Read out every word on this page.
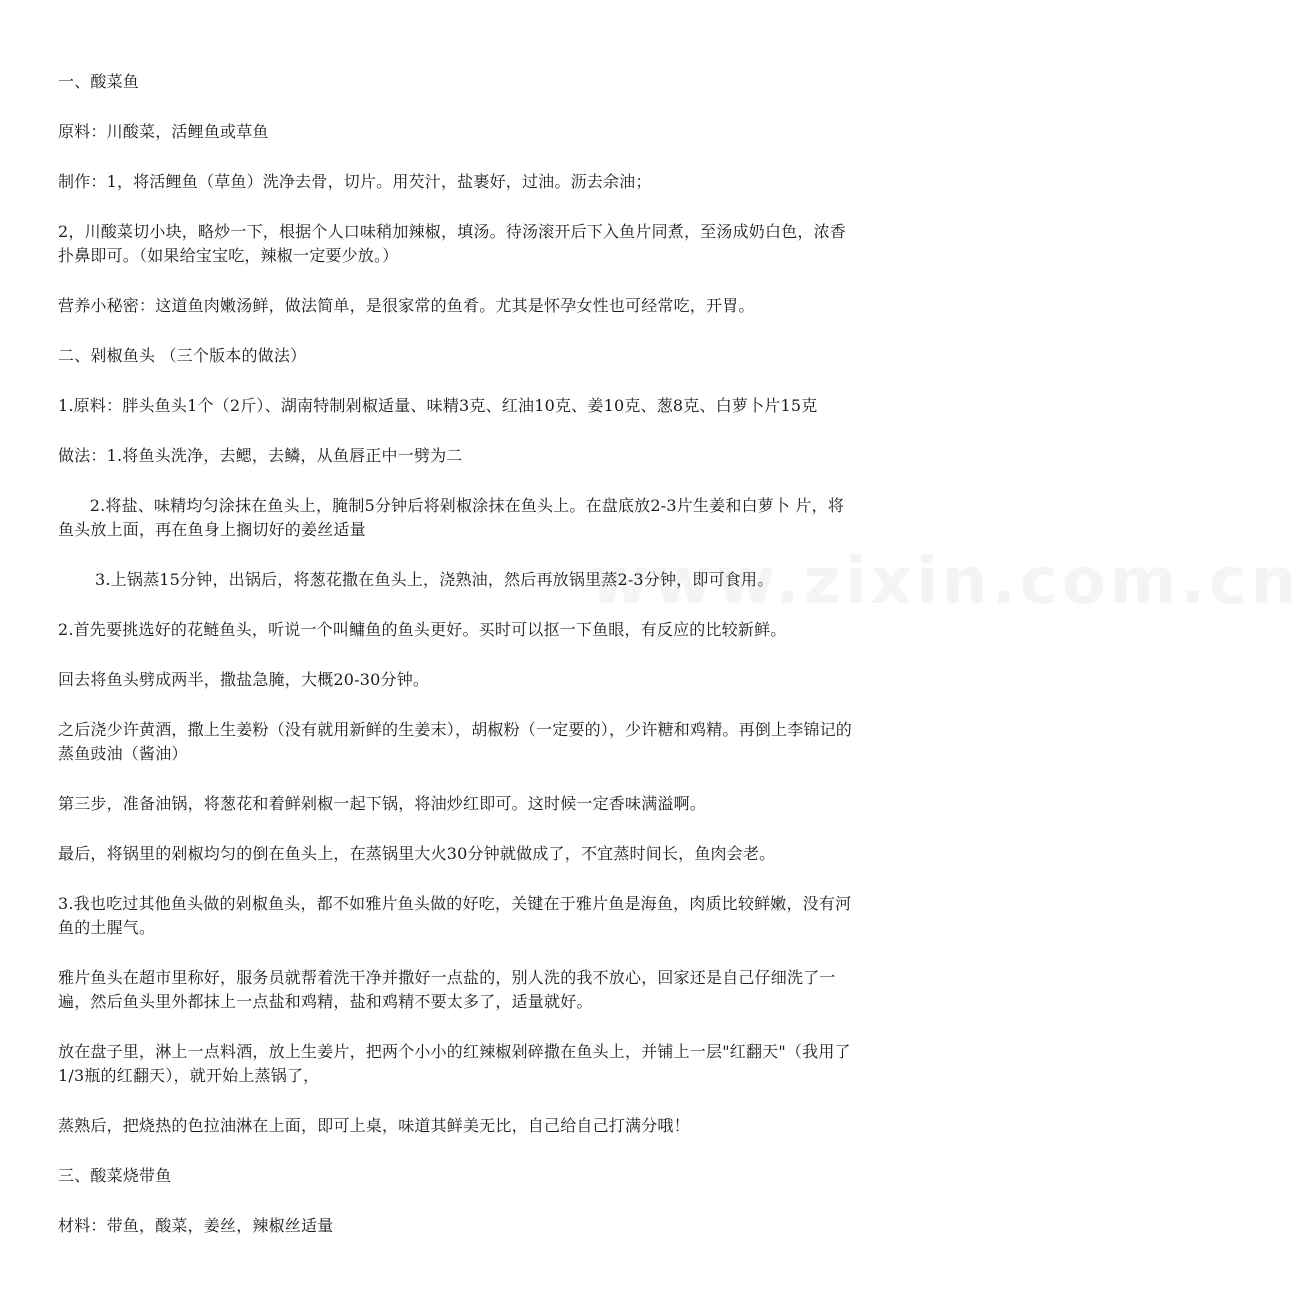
www.zixin.com.cn

一、酸菜鱼

原料：川酸菜，活鲤鱼或草鱼

制作：1，将活鲤鱼（草鱼）洗净去骨，切片。用芡汁，盐裹好，过油。沥去余油；

2，川酸菜切小块，略炒一下，根据个人口味稍加辣椒，填汤。待汤滚开后下入鱼片同煮，至汤成奶白色，浓香扑鼻即可。（如果给宝宝吃，辣椒一定要少放。）

营养小秘密：这道鱼肉嫩汤鲜，做法简单，是很家常的鱼肴。尤其是怀孕女性也可经常吃，开胃。

二、剁椒鱼头 （三个版本的做法）

1.原料：胖头鱼头1个（2斤）、湖南特制剁椒适量、味精3克、红油10克、姜10克、葱8克、白萝卜片15克

做法：1.将鱼头洗净，去鳃，去鳞，从鱼唇正中一劈为二

2.将盐、味精均匀涂抹在鱼头上，腌制5分钟后将剁椒涂抹在鱼头上。在盘底放2-3片生姜和白萝卜 片，将鱼头放上面，再在鱼身上搁切好的姜丝适量

3.上锅蒸15分钟，出锅后，将葱花撒在鱼头上，浇熟油，然后再放锅里蒸2-3分钟，即可食用。

2.首先要挑选好的花鲢鱼头，听说一个叫鳙鱼的鱼头更好。买时可以抠一下鱼眼，有反应的比较新鲜。

回去将鱼头劈成两半，撒盐急腌，大概20-30分钟。

之后浇少许黄酒，撒上生姜粉（没有就用新鲜的生姜末），胡椒粉（一定要的），少许糖和鸡精。再倒上李锦记的蒸鱼豉油（酱油）

第三步，准备油锅，将葱花和着鲜剁椒一起下锅，将油炒红即可。这时候一定香味满溢啊。

最后，将锅里的剁椒均匀的倒在鱼头上，在蒸锅里大火30分钟就做成了，不宜蒸时间长，鱼肉会老。

3.我也吃过其他鱼头做的剁椒鱼头，都不如雅片鱼头做的好吃，关键在于雅片鱼是海鱼，肉质比较鲜嫩，没有河鱼的土腥气。

雅片鱼头在超市里称好，服务员就帮着洗干净并撒好一点盐的，别人洗的我不放心，回家还是自己仔细洗了一遍，然后鱼头里外都抹上一点盐和鸡精，盐和鸡精不要太多了，适量就好。

放在盘子里，淋上一点料酒，放上生姜片，把两个小小的红辣椒剁碎撒在鱼头上，并铺上一层"红翻天"（我用了1/3瓶的红翻天），就开始上蒸锅了，

蒸熟后，把烧热的色拉油淋在上面，即可上桌，味道其鲜美无比，自己给自己打满分哦！

三、酸菜烧带鱼

材料：带鱼，酸菜，姜丝，辣椒丝适量
